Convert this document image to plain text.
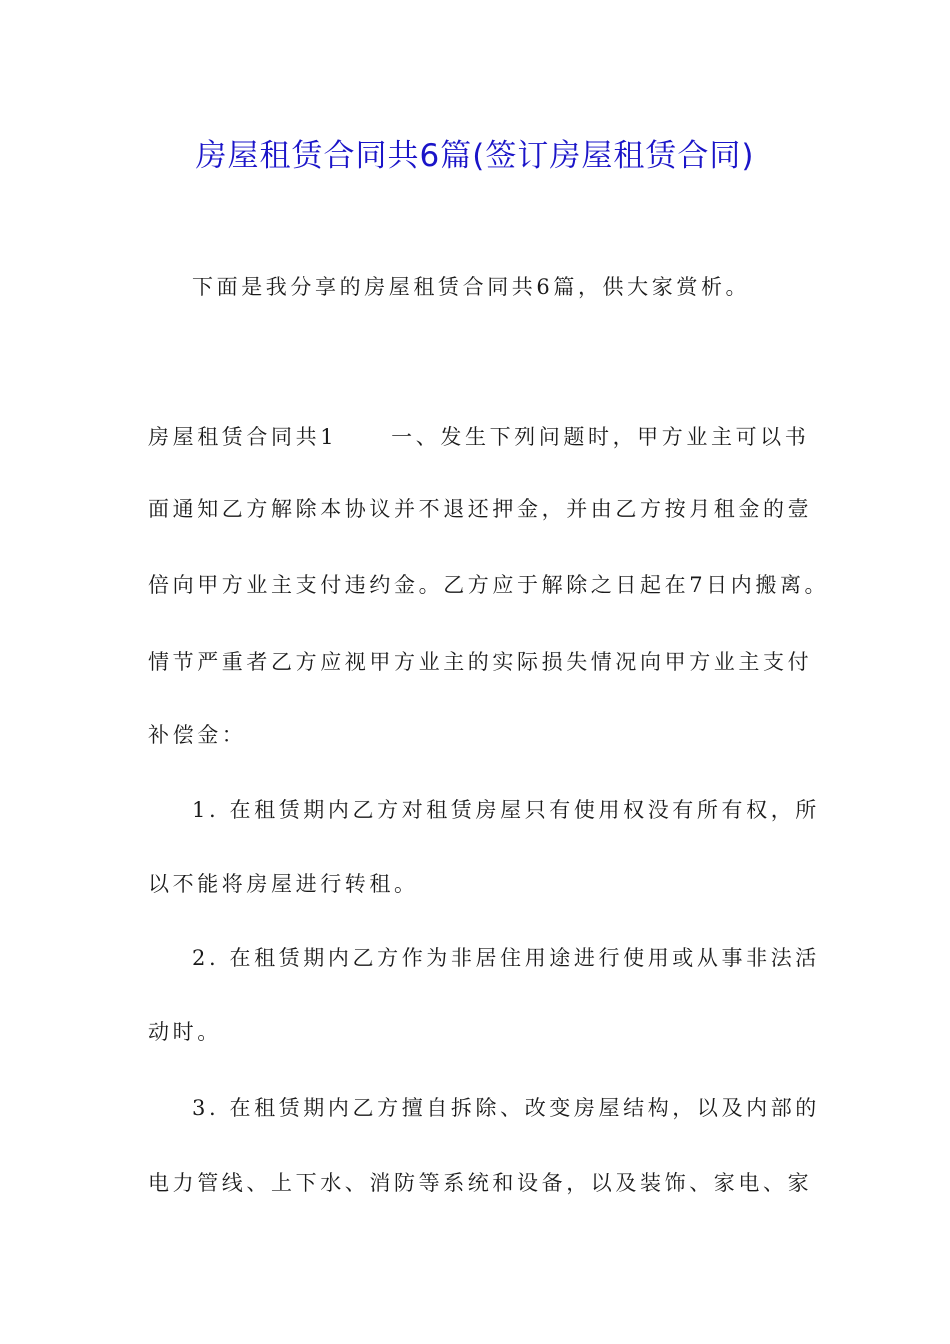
房屋租赁合同共6篇(签订房屋租赁合同)
下面是我分享的房屋租赁合同共6篇，供大家赏析。
房屋租赁合同共1	一、发生下列问题时，甲方业主可以书
面通知乙方解除本协议并不退还押金，并由乙方按月租金的壹
倍向甲方业主支付违约金。乙方应于解除之日起在7日内搬离。
情节严重者乙方应视甲方业主的实际损失情况向甲方业主支付
补偿金：
1. 在租赁期内乙方对租赁房屋只有使用权没有所有权，所
以不能将房屋进行转租。
2. 在租赁期内乙方作为非居住用途进行使用或从事非法活
动时。
3. 在租赁期内乙方擅自拆除、改变房屋结构，以及内部的
电力管线、上下水、消防等系统和设备，以及装饰、家电、家
